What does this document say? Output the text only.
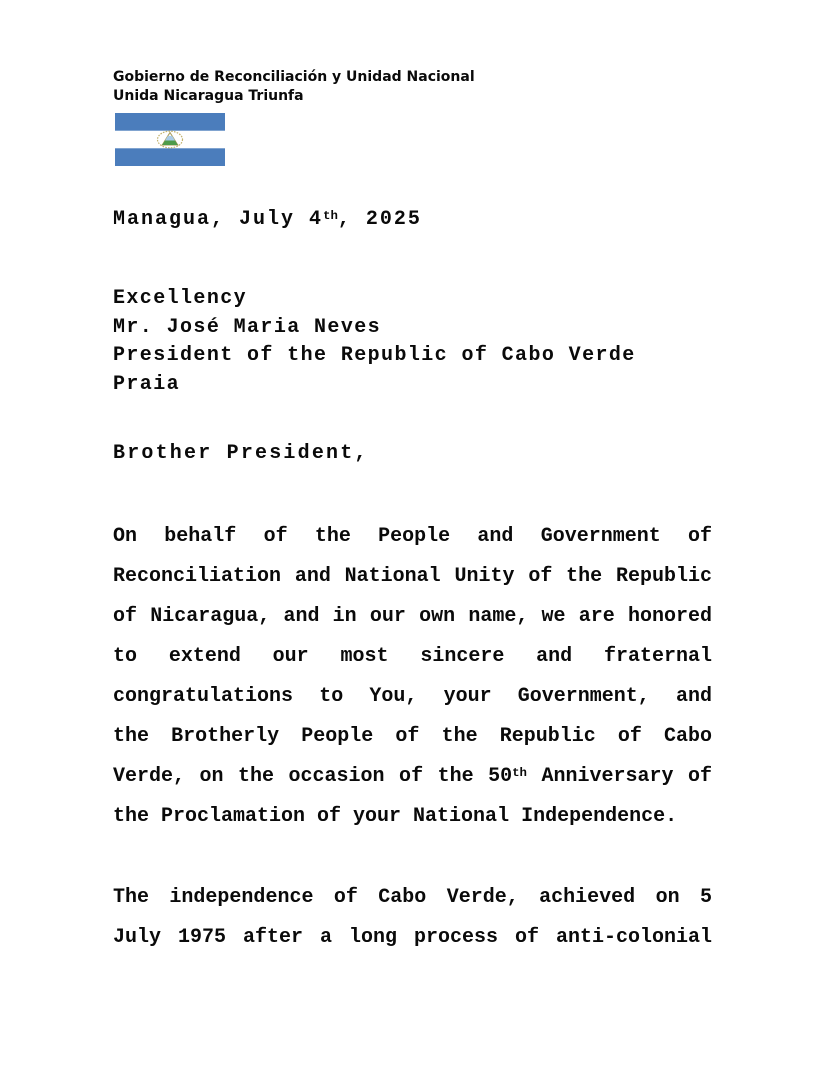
Gobierno de Reconciliación y Unidad Nacional
Unida Nicaragua Triunfa
Managua, July 4th, 2025
Excellency
Mr. José Maria Neves
President of the Republic of Cabo Verde
Praia
Brother President,
On behalf of the People and Government of
Reconciliation and National Unity of the Republic
of Nicaragua, and in our own name, we are honored
to extend our most sincere and fraternal
congratulations to You, your Government, and
the Brotherly People of the Republic of Cabo
Verde, on the occasion of the 50th Anniversary of
the Proclamation of your National Independence.
The independence of Cabo Verde, achieved on 5
July 1975 after a long process of anti-colonial
